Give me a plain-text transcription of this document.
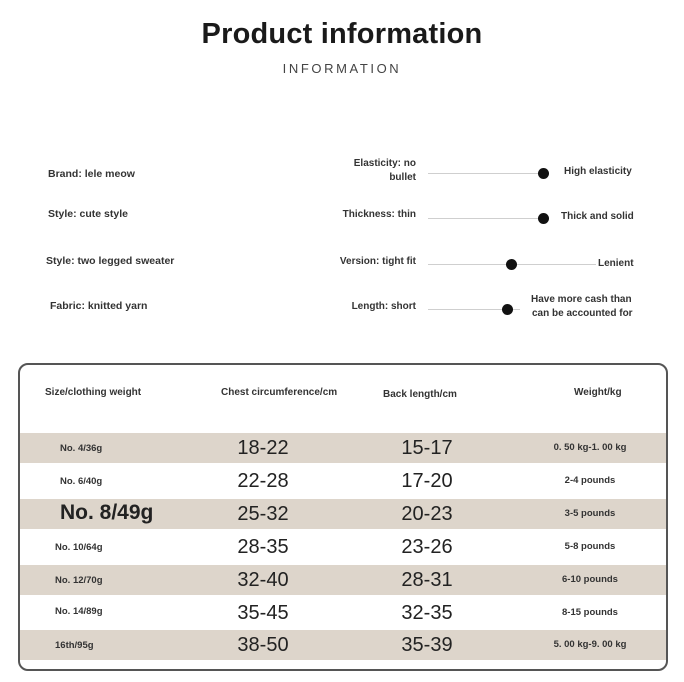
Product information
INFORMATION
Brand: lele meow
Style: cute style
Style: two legged sweater
Fabric: knitted yarn
Elasticity: no
bullet
High elasticity
Thickness: thin	Thick and solid
Version: tight fit	Lenient
Length: short
Have more cash than
can be accounted for
Size/clothing weight	Chest circumference/cm	Back length/cm	Weight/kg
No. 4/36g	18-22	15-17	0. 50 kg-1. 00 kg
No. 6/40g	22-28	17-20	2-4 pounds
No. 8/49g	25-32	20-23	3-5 pounds
No. 10/64g	28-35	23-26	5-8 pounds
No. 12/70g	32-40	28-31	6-10 pounds
No. 14/89g	35-45	32-35	8-15 pounds
16th/95g	38-50	35-39	5. 00 kg-9. 00 kg
